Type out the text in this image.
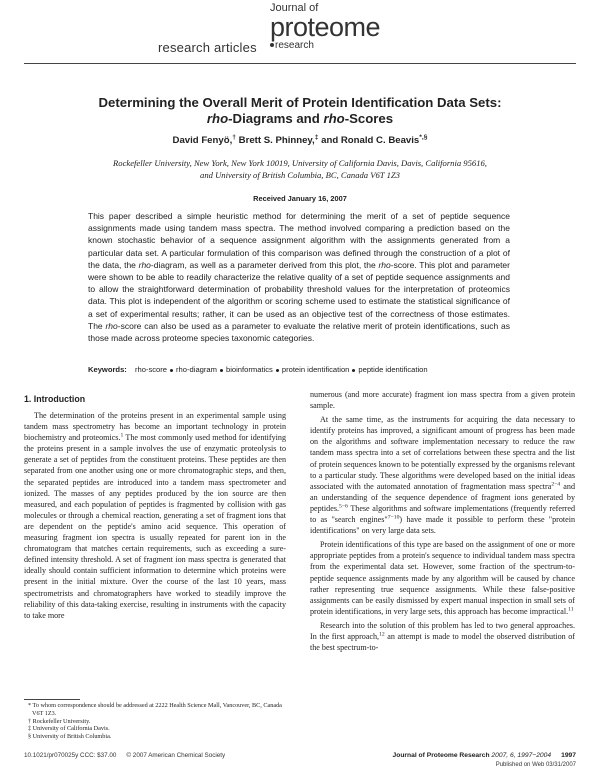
research articles
Journal of
proteome
research
Determining the Overall Merit of Protein Identification Data Sets:
rho-Diagrams and rho-Scores
David Fenyö,† Brett S. Phinney,‡ and Ronald C. Beavis*,§
Rockefeller University, New York, New York 10019, University of California Davis, Davis, California 95616,
and University of British Columbia, BC, Canada V6T 1Z3
Received January 16, 2007
This paper described a simple heuristic method for determining the merit of a set of peptide sequence assignments made using tandem mass spectra. The method involved comparing a prediction based on the known stochastic behavior of a sequence assignment algorithm with the assignments generated from a particular data set. A particular formulation of this comparison was defined through the construction of a plot of the data, the rho-diagram, as well as a parameter derived from this plot, the rho-score. This plot and parameter were shown to be able to readily characterize the relative quality of a set of peptide sequence assignments and to allow the straightforward determination of probability threshold values for the interpretation of proteomics data. This plot is independent of the algorithm or scoring scheme used to estimate the statistical significance of a set of experimental results; rather, it can be used as an objective test of the correctness of those estimates. The rho-score can also be used as a parameter to evaluate the relative merit of protein identifications, such as those made across proteome species taxonomic categories.
Keywords: rho-score rho-diagram bioinformatics protein identification peptide identification
1. Introduction

The determination of the proteins present in an experimental sample using tandem mass spectrometry has become an important technology in protein biochemistry and proteomics.$^1$ The most commonly used method for identifying the proteins present in a sample involves the use of enzymatic proteolysis to generate a set of peptides from the constituent proteins. These peptides are then separated from one another using one or more chromatographic steps, and then, the separated peptides are introduced into a tandem mass spectrometer and ionized. The masses of any peptides produced by the ion source are then measured, and each population of peptides is fragmented by collision with gas molecules or through a chemical reaction, generating a set of fragment ions that are dependent on the peptide's amino acid sequence. This operation of measuring fragment ion spectra is usually repeated for parent ion in the chromatogram that matches certain requirements, such as exceeding a sure-defined intensity threshold. A set of fragment ion mass spectra is generated that ideally should contain sufficient information to determine which proteins were present in the initial mixture. Over the course of the last 10 years, mass spectrometrists and chromatographers have worked to steadily improve the reliability of this data-taking exercise, resulting in instruments with the capacity to take more

* To whom correspondence should be addressed at 2222 Health Science Mall, Vancouver, BC, Canada V6T 1Z3.
† Rockefeller University.
‡ University of California Davis.
§ University of British Columbia.

numerous (and more accurate) fragment ion mass spectra from a given protein sample.

At the same time, as the instruments for acquiring the data necessary to identify proteins has improved, a significant amount of progress has been made on the algorithms and software implementation necessary to reduce the raw tandem mass spectra into a set of correlations between these spectra and the list of protein sequences known to be potentially expressed by the organisms relevant to a particular study. These algorithms were developed based on the initial ideas associated with the automated annotation of fragmentation mass spectra$^{2-4}$ and an understanding of the sequence dependence of fragment ions generated by peptides.$^{5-6}$ These algorithms and software implementations (frequently referred to as "search engines"$^{7-10}$) have made it possible to perform these "protein identifications" on very large data sets.

Protein identifications of this type are based on the assignment of one or more appropriate peptides from a protein's sequence to individual tandem mass spectra from the experimental data set. However, some fraction of the spectrum-to-peptide sequence assignments made by any algorithm will be caused by chance rather representing true sequence assignments. While these false-positive assignments can be easily dismissed by expert manual inspection in small sets of protein identifications, in very large sets, this approach has become impractical.$^{11}$

Research into the solution of this problem has led to two general approaches. In the first approach,$^{12}$ an attempt is made to model the observed distribution of the best spectrum-to-

10.1021/pr070025y CCC: $37.00 © 2007 American Chemical Society	Journal of Proteome Research 2007, 6, 1997−2004 1997
Published on Web 03/31/2007
